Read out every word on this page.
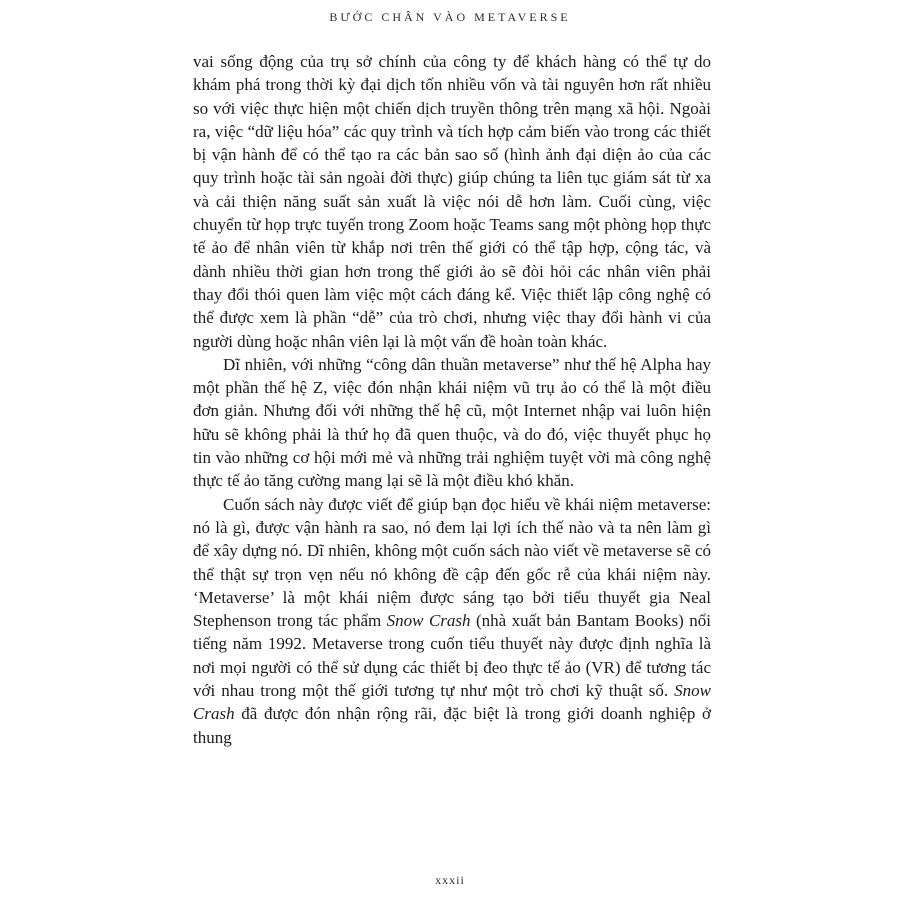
BƯỚC CHÂN VÀO METAVERSE

vai sống động của trụ sở chính của công ty để khách hàng có thể tự do khám phá trong thời kỳ đại dịch tốn nhiều vốn và tài nguyên hơn rất nhiều so với việc thực hiện một chiến dịch truyền thông trên mạng xã hội. Ngoài ra, việc “dữ liệu hóa” các quy trình và tích hợp cảm biến vào trong các thiết bị vận hành để có thể tạo ra các bản sao số (hình ảnh đại diện ảo của các quy trình hoặc tài sản ngoài đời thực) giúp chúng ta liên tục giám sát từ xa và cải thiện năng suất sản xuất là việc nói dễ hơn làm. Cuối cùng, việc chuyển từ họp trực tuyến trong Zoom hoặc Teams sang một phòng họp thực tế ảo để nhân viên từ khắp nơi trên thế giới có thể tập hợp, cộng tác, và dành nhiều thời gian hơn trong thế giới ảo sẽ đòi hỏi các nhân viên phải thay đổi thói quen làm việc một cách đáng kể. Việc thiết lập công nghệ có thể được xem là phần “dễ” của trò chơi, nhưng việc thay đổi hành vi của người dùng hoặc nhân viên lại là một vấn đề hoàn toàn khác.

Dĩ nhiên, với những “công dân thuần metaverse” như thế hệ Alpha hay một phần thế hệ Z, việc đón nhận khái niệm vũ trụ ảo có thể là một điều đơn giản. Nhưng đối với những thế hệ cũ, một Internet nhập vai luôn hiện hữu sẽ không phải là thứ họ đã quen thuộc, và do đó, việc thuyết phục họ tin vào những cơ hội mới mẻ và những trải nghiệm tuyệt vời mà công nghệ thực tế ảo tăng cường mang lại sẽ là một điều khó khăn.

Cuốn sách này được viết để giúp bạn đọc hiểu về khái niệm metaverse: nó là gì, được vận hành ra sao, nó đem lại lợi ích thế nào và ta nên làm gì để xây dựng nó. Dĩ nhiên, không một cuốn sách nào viết về metaverse sẽ có thể thật sự trọn vẹn nếu nó không đề cập đến gốc rễ của khái niệm này. ‘Metaverse’ là một khái niệm được sáng tạo bởi tiểu thuyết gia Neal Stephenson trong tác phẩm Snow Crash (nhà xuất bản Bantam Books) nổi tiếng năm 1992. Metaverse trong cuốn tiểu thuyết này được định nghĩa là nơi mọi người có thể sử dụng các thiết bị đeo thực tế ảo (VR) để tương tác với nhau trong một thế giới tương tự như một trò chơi kỹ thuật số. Snow Crash đã được đón nhận rộng rãi, đặc biệt là trong giới doanh nghiệp ở thung

xxxii
